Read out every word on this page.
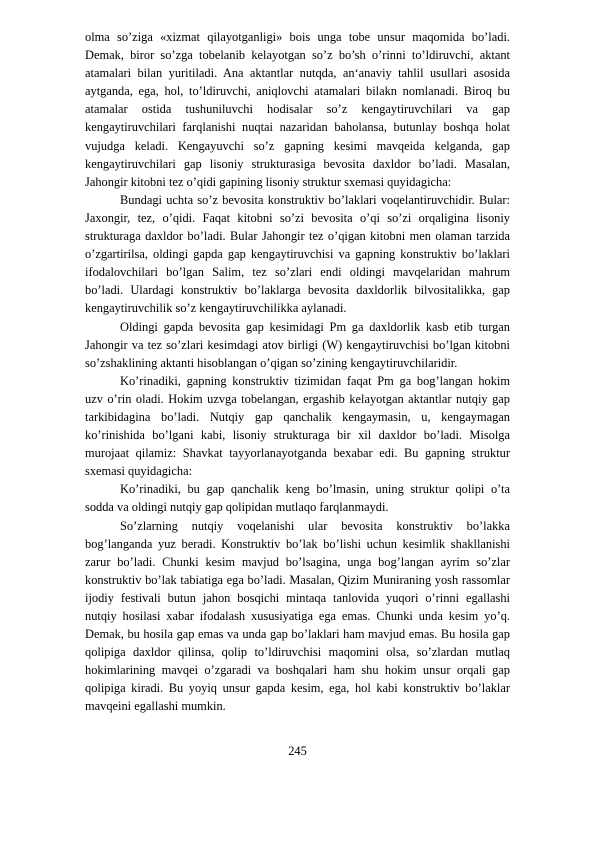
olma so’ziga «xizmat qilayotganligi» bois unga tobe unsur maqomida bo’ladi. Demak, biror so’zga tobelanib kelayotgan so’z bo’sh o’rinni to’ldiruvchi, aktant atamalari bilan yuritiladi. Ana aktantlar nutqda, an‘anaviy tahlil usullari asosida aytganda, ega, hol, to’ldiruvchi, aniqlovchi atamalari bilakn nomlanadi. Biroq bu atamalar ostida tushuniluvchi hodisalar so’z kengaytiruvchilari va gap kengaytiruvchilari farqlanishi nuqtai nazaridan baholansa, butunlay boshqa holat vujudga keladi. Kengayuvchi so’z gapning kesimi mavqeida kelganda, gap kengaytiruvchilari gap lisoniy strukturasiga bevosita daxldor bo’ladi. Masalan, Jahongir kitobni tez o’qidi gapining lisoniy struktur sxemasi quyidagicha:

Bundagi uchta so’z bevosita konstruktiv bo’laklari voqelantiruvchidir. Bular: Jaxongir, tez, o’qidi. Faqat kitobni so’zi bevosita o’qi so’zi orqaligina lisoniy strukturaga daxldor bo’ladi. Bular Jahongir tez o’qigan kitobni men olaman tarzida o’zgartirilsa, oldingi gapda gap kengaytiruvchisi va gapning konstruktiv bo’laklari ifodalovchilari bo’lgan Salim, tez so’zlari endi oldingi mavqelaridan mahrum bo’ladi. Ulardagi konstruktiv bo’laklarga bevosita daxldorlik bilvositalikka, gap kengaytiruvchilik so’z kengaytiruvchilikka aylanadi.

Oldingi gapda bevosita gap kesimidagi Pm ga daxldorlik kasb etib turgan Jahongir va tez so’zlari kesimdagi atov birligi (W) kengaytiruvchisi bo’lgan kitobni so’zshaklining aktanti hisoblangan o’qigan so’zining kengaytiruvchilaridir.

Ko’rinadiki, gapning konstruktiv tizimidan faqat Pm ga bog’langan hokim uzv o’rin oladi. Hokim uzvga tobelangan, ergashib kelayotgan aktantlar nutqiy gap tarkibidagina bo’ladi. Nutqiy gap qanchalik kengaymasin, u, kengaymagan ko’rinishida bo’lgani kabi, lisoniy strukturaga bir xil daxldor bo’ladi. Misolga murojaat qilamiz: Shavkat tayyorlanayotganda bexabar edi. Bu gapning struktur sxemasi quyidagicha:

Ko’rinadiki, bu gap qanchalik keng bo’lmasin, uning struktur qolipi o’ta sodda va oldingi nutqiy gap qolipidan mutlaqo farqlanmaydi.

So’zlarning nutqiy voqelanishi ular bevosita konstruktiv bo’lakka bog’langanda yuz beradi. Konstruktiv bo’lak bo’lishi uchun kesimlik shakllanishi zarur bo’ladi. Chunki kesim mavjud bo’lsagina, unga bog’langan ayrim so’zlar konstruktiv bo’lak tabiatiga ega bo’ladi. Masalan, Qizim Muniraning yosh rassomlar ijodiy festivali butun jahon bosqichi mintaqa tanlovida yuqori o’rinni egallashi nutqiy hosilasi xabar ifodalash xususiyatiga ega emas. Chunki unda kesim yo’q. Demak, bu hosila gap emas va unda gap bo’laklari ham mavjud emas. Bu hosila gap qolipiga daxldor qilinsa, qolip to’ldiruvchisi maqomini olsa, so’zlardan mutlaq hokimlarining mavqei o’zgaradi va boshqalari ham shu hokim unsur orqali gap qolipiga kiradi. Bu yoyiq unsur gapda kesim, ega, hol kabi konstruktiv bo’laklar mavqeini egallashi mumkin.

245
